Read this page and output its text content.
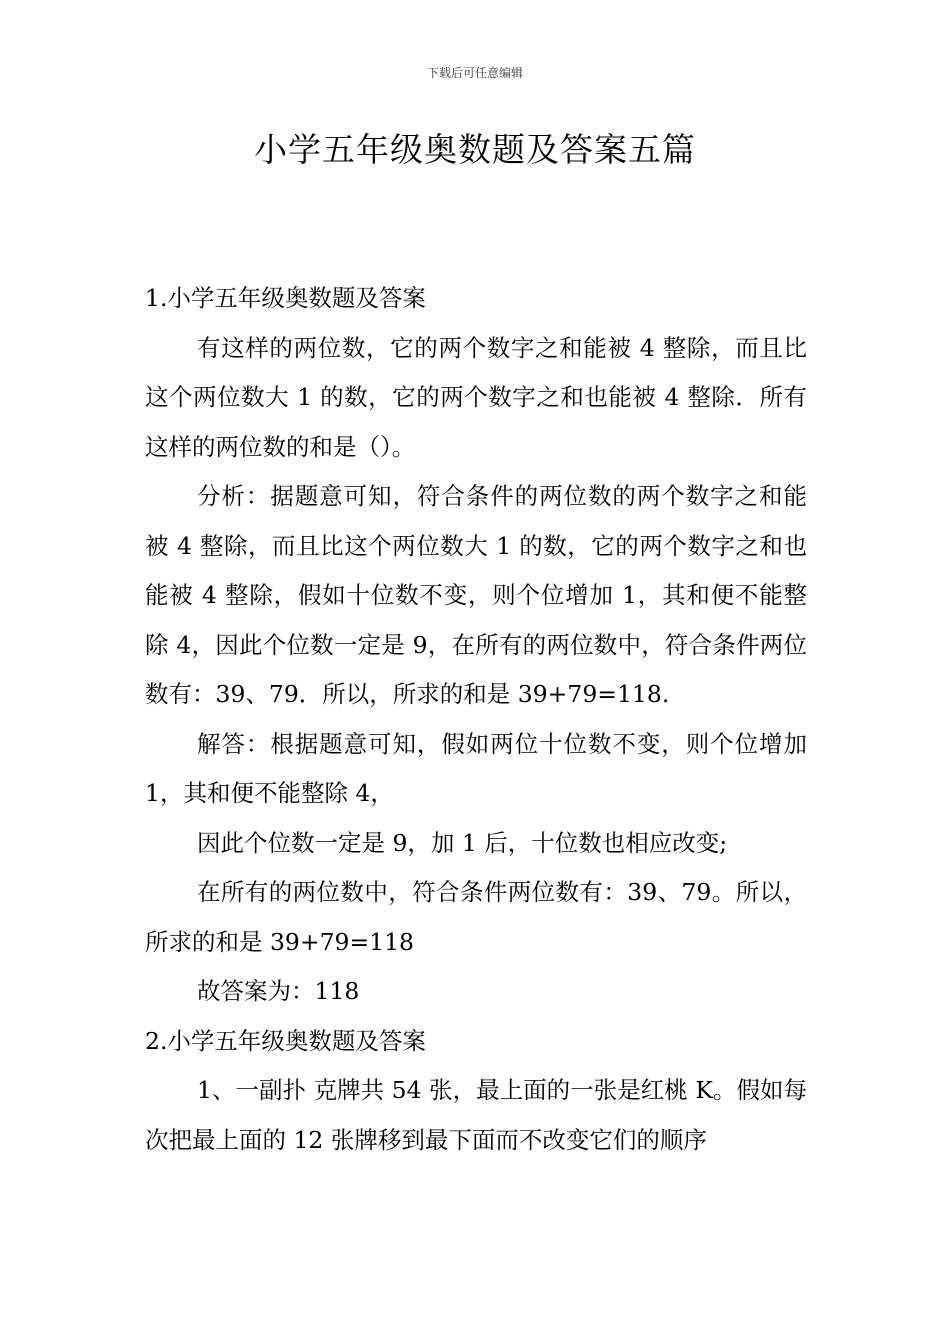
下载后可任意编辑
小学五年级奥数题及答案五篇

1.小学五年级奥数题及答案

有这样的两位数，它的两个数字之和能被 4 整除，而且比这个两位数大 1 的数，它的两个数字之和也能被 4 整除．所有这样的两位数的和是（）。

分析：据题意可知，符合条件的两位数的两个数字之和能被 4 整除，而且比这个两位数大 1 的数，它的两个数字之和也能被 4 整除，假如十位数不变，则个位增加 1，其和便不能整除 4，因此个位数一定是 9，在所有的两位数中，符合条件两位数有：39、79．所以，所求的和是 39+79=118.

解答：根据题意可知，假如两位十位数不变，则个位增加 1，其和便不能整除 4，

因此个位数一定是 9，加 1 后，十位数也相应改变;

在所有的两位数中，符合条件两位数有：39、79。所以，所求的和是 39+79=118

故答案为：118

2.小学五年级奥数题及答案

1、一副扑 克牌共 54 张，最上面的一张是红桃 K。假如每次把最上面的 12 张牌移到最下面而不改变它们的顺序
